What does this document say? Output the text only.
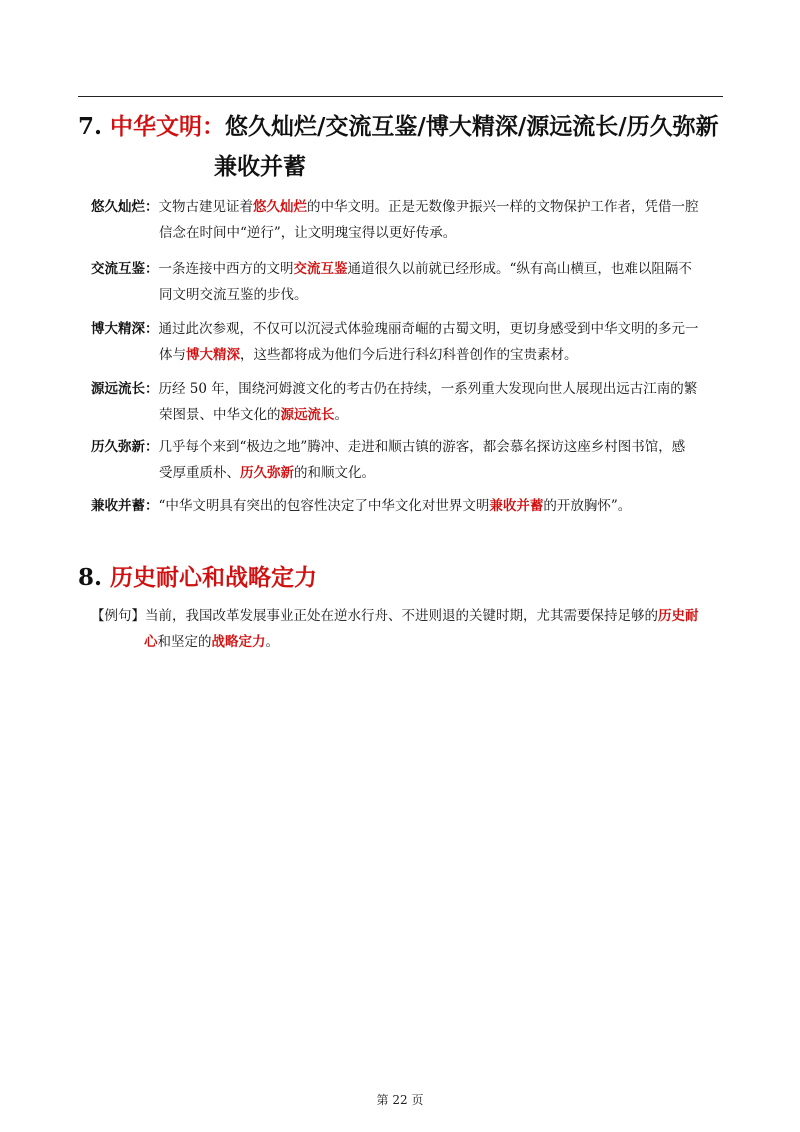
7. 中华文明：悠久灿烂/交流互鉴/博大精深/源远流长/历久弥新
兼收并蓄
悠久灿烂：文物古建见证着悠久灿烂的中华文明。正是无数像尹振兴一样的文物保护工作者，凭借一腔
信念在时间中“逆行”，让文明瑰宝得以更好传承。
交流互鉴：一条连接中西方的文明交流互鉴通道很久以前就已经形成。“纵有高山横亘，也难以阻隔不
同文明交流互鉴的步伐。
博大精深：通过此次参观，不仅可以沉浸式体验瑰丽奇崛的古蜀文明，更切身感受到中华文明的多元一
体与博大精深，这些都将成为他们今后进行科幻科普创作的宝贵素材。
源远流长：历经 50 年，围绕河姆渡文化的考古仍在持续，一系列重大发现向世人展现出远古江南的繁
荣图景、中华文化的源远流长。
历久弥新：几乎每个来到“极边之地”腾冲、走进和顺古镇的游客，都会慕名探访这座乡村图书馆，感
受厚重质朴、历久弥新的和顺文化。
兼收并蓄：“中华文明具有突出的包容性决定了中华文化对世界文明兼收并蓄的开放胸怀”。
8. 历史耐心和战略定力
【例句】当前，我国改革发展事业正处在逆水行舟、不进则退的关键时期，尤其需要保持足够的历史耐
心和坚定的战略定力。
第 22 页
